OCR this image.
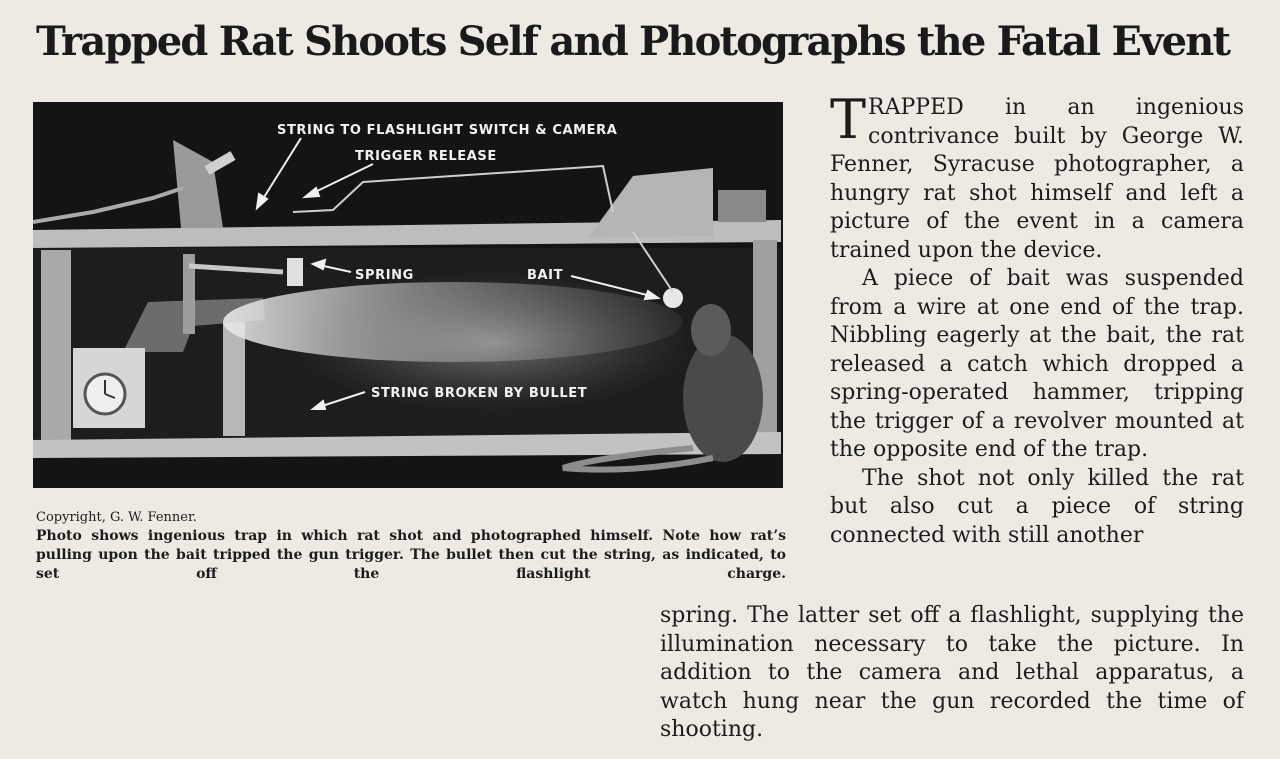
Trapped Rat Shoots Self and Photographs the Fatal Event
STRING TO FLASHLIGHT SWITCH & CAMERA
TRIGGER RELEASE
SPRING	BAIT
STRING BROKEN BY BULLET
Copyright, G. W. Fenner.
Photo shows ingenious trap in which rat shot and photographed himself. Note how rat’s pulling upon the bait tripped the gun trigger. The bullet then cut the string, as indicated, to set off the flashlight charge.

TRAPPED in an ingenious contrivance built by George W. Fenner, Syracuse photographer, a hungry rat shot himself and left a picture of the event in a camera trained upon the device.

A piece of bait was suspended from a wire at one end of the trap. Nibbling eagerly at the bait, the rat released a catch which dropped a spring-operated hammer, tripping the trigger of a revolver mounted at the opposite end of the trap.

The shot not only killed the rat but also cut a piece of string connected with still another

spring. The latter set off a flashlight, supplying the illumination necessary to take the picture. In addition to the camera and lethal apparatus, a watch hung near the gun recorded the time of shooting.
